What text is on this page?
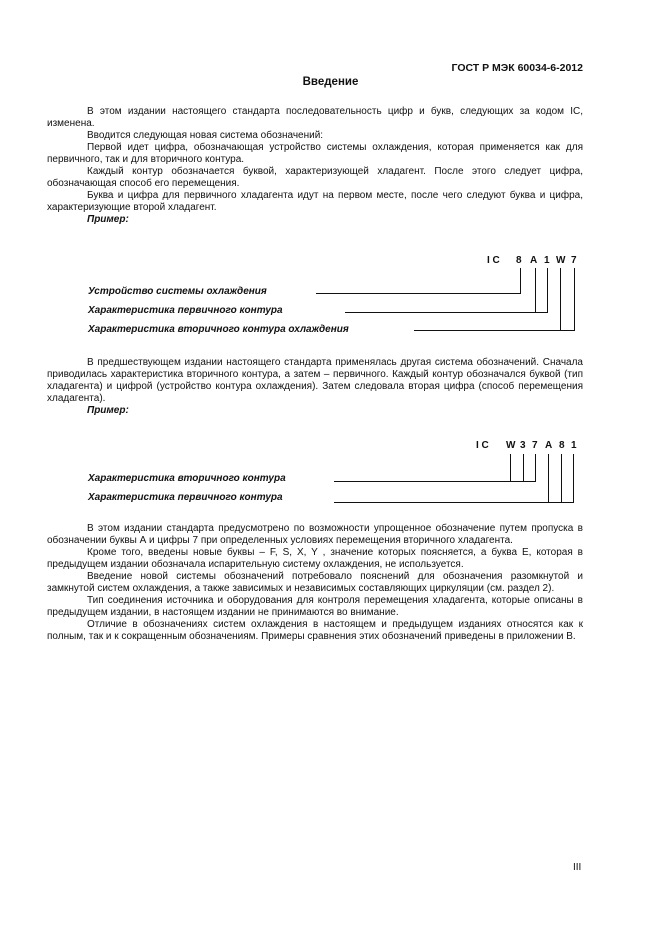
ГОСТ Р МЭК 60034-6-2012
Введение

В этом издании настоящего стандарта последовательность цифр и букв, следующих за кодом IC, изменена.

Вводится следующая новая система обозначений:

Первой идет цифра, обозначающая устройство системы охлаждения, которая применяется как для первичного, так и для вторичного контура.

Каждый контур обозначается буквой, характеризующей хладагент. После этого следует цифра, обозначающая способ его перемещения.

Буква и цифра для первичного хладагента идут на первом месте, после чего следуют буква и цифра, характеризующие второй хладагент.

Пример:

I C 8 A 1 W 7
Устройство системы охлаждения
Характеристика первичного контура
Характеристика вторичного контура охлаждения

В предшествующем издании настоящего стандарта применялась другая система обозначений. Сначала приводилась характеристика вторичного контура, а затем – первичного. Каждый контур обозначался буквой (тип хладагента) и цифрой (устройство контура охлаждения). Затем следовала вторая цифра (способ перемещения хладагента).

Пример:

I C W 3 7 A 8 1
Характеристика вторичного контура
Характеристика первичного контура

В этом издании стандарта предусмотрено по возможности упрощенное обозначение путем пропуска в обозначении буквы А и цифры 7 при определенных условиях перемещения вторичного хладагента.

Кроме того, введены новые буквы – F, S, X, Y , значение которых поясняется, а буква Е, которая в предыдущем издании обозначала испарительную систему охлаждения, не используется.

Введение новой системы обозначений потребовало пояснений для обозначения разомкнутой и замкнутой систем охлаждения, а также зависимых и независимых составляющих циркуляции (см. раздел 2).

Тип соединения источника и оборудования для контроля перемещения хладагента, которые описаны в предыдущем издании, в настоящем издании не принимаются во внимание.

Отличие в обозначениях систем охлаждения в настоящем и предыдущем изданиях относятся как к полным, так и к сокращенным обозначениям. Примеры сравнения этих обозначений приведены в приложении В.

III
